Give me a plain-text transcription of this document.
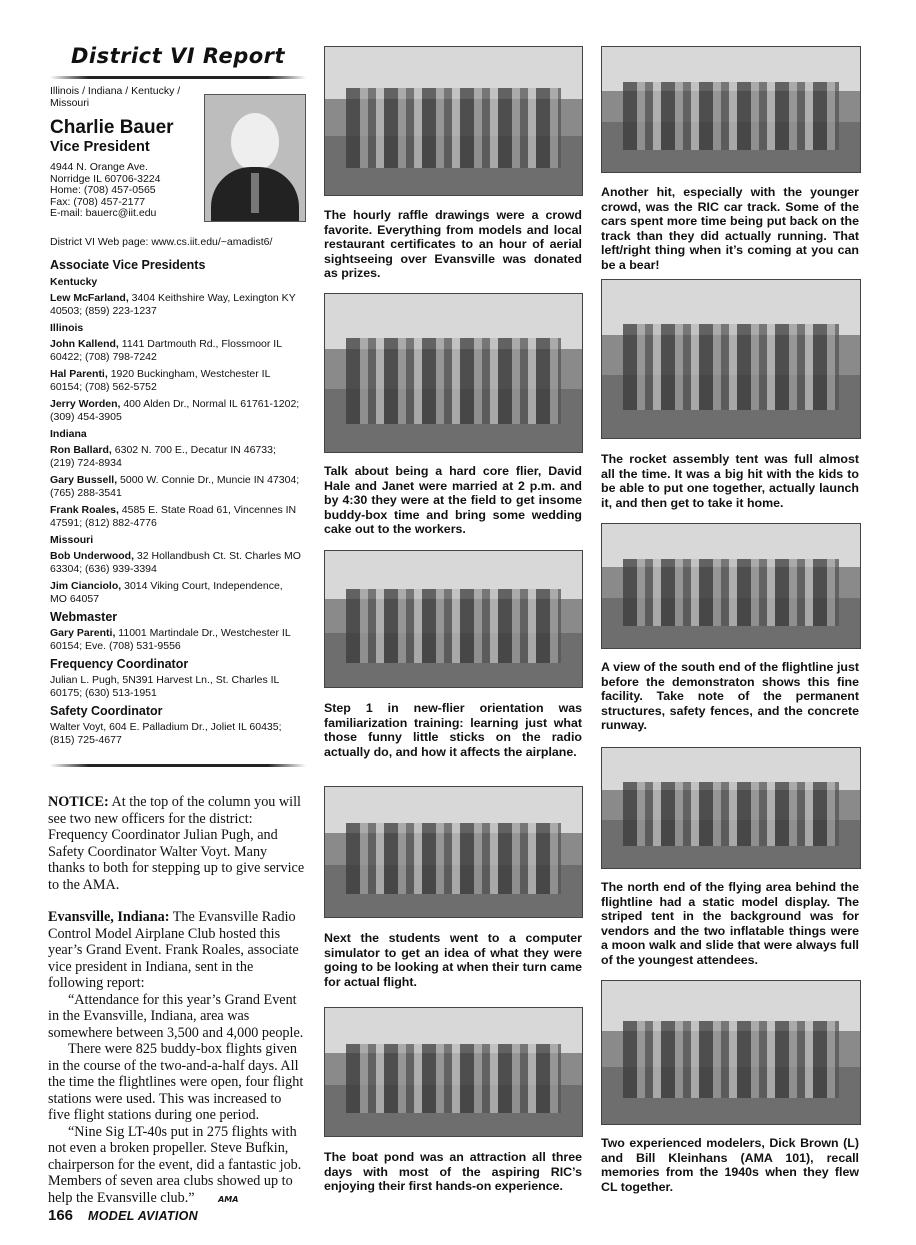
District VI Report
Illinois / Indiana / Kentucky / Missouri
Charlie Bauer
Vice President
4944 N. Orange Ave.
Norridge IL 60706-3224
Home: (708) 457-0565
Fax: (708) 457-2177
E-mail: bauerc@iit.edu
District VI Web page: www.cs.iit.edu/~amadist6/
Associate Vice Presidents
Kentucky
Lew McFarland, 3404 Keithshire Way, Lexington KY 40503; (859) 223-1237
Illinois
John Kallend, 1141 Dartmouth Rd., Flossmoor IL 60422; (708) 798-7242
Hal Parenti, 1920 Buckingham, Westchester IL 60154; (708) 562-5752
Jerry Worden, 400 Alden Dr., Normal IL 61761-1202; (309) 454-3905
Indiana
Ron Ballard, 6302 N. 700 E., Decatur IN 46733; (219) 724-8934
Gary Bussell, 5000 W. Connie Dr., Muncie IN 47304; (765) 288-3541
Frank Roales, 4585 E. State Road 61, Vincennes IN 47591; (812) 882-4776
Missouri
Bob Underwood, 32 Hollandbush Ct. St. Charles MO 63304; (636) 939-3394
Jim Cianciolo, 3014 Viking Court, Independence, MO 64057
Webmaster
Gary Parenti, 11001 Martindale Dr., Westchester IL 60154; Eve. (708) 531-9556
Frequency Coordinator
Julian L. Pugh, 5N391 Harvest Ln., St. Charles IL 60175; (630) 513-1951
Safety Coordinator
Walter Voyt, 604 E. Palladium Dr., Joliet IL 60435; (815) 725-4677

NOTICE: At the top of the column you will see two new officers for the district: Frequency Coordinator Julian Pugh, and Safety Coordinator Walter Voyt. Many thanks to both for stepping up to give service to the AMA.

Evansville, Indiana: The Evansville Radio Control Model Airplane Club hosted this year’s Grand Event. Frank Roales, associate vice president in Indiana, sent in the following report:

“Attendance for this year’s Grand Event in the Evansville, Indiana, area was somewhere between 3,500 and 4,000 people.

There were 825 buddy-box flights given in the course of the two-and-a-half days. All the time the flightlines were open, four flight stations were used. This was increased to five flight stations during one period.

“Nine Sig LT-40s put in 275 flights with not even a broken propeller. Steve Bufkin, chairperson for the event, did a fantastic job. Members of seven area clubs showed up to help the Evansville club.”	AMA

The hourly raffle drawings were a crowd favorite. Everything from models and local restaurant certificates to an hour of aerial sightseeing over Evansville was donated as prizes.
Talk about being a hard core flier, David Hale and Janet were married at 2 p.m. and by 4:30 they were at the field to get insome buddy-box time and bring some wedding cake out to the workers.
Step 1 in new-flier orientation was familiarization training: learning just what those funny little sticks on the radio actually do, and how it affects the airplane.
Next the students went to a computer simulator to get an idea of what they were going to be looking at when their turn came for actual flight.
The boat pond was an attraction all three days with most of the aspiring RIC’s enjoying their first hands-on experience.
Another hit, especially with the younger crowd, was the RIC car track. Some of the cars spent more time being put back on the track than they did actually running. That left/right thing when it’s coming at you can be a bear!
The rocket assembly tent was full almost all the time. It was a big hit with the kids to be able to put one together, actually launch it, and then get to take it home.
A view of the south end of the flightline just before the demonstraton shows this fine facility. Take note of the permanent structures, safety fences, and the concrete runway.
The north end of the flying area behind the flightline had a static model display. The striped tent in the background was for vendors and the two inflatable things were a moon walk and slide that were always full of the youngest attendees.
Two experienced modelers, Dick Brown (L) and Bill Kleinhans (AMA 101), recall memories from the 1940s when they flew CL together.
166 MODEL AVIATION
